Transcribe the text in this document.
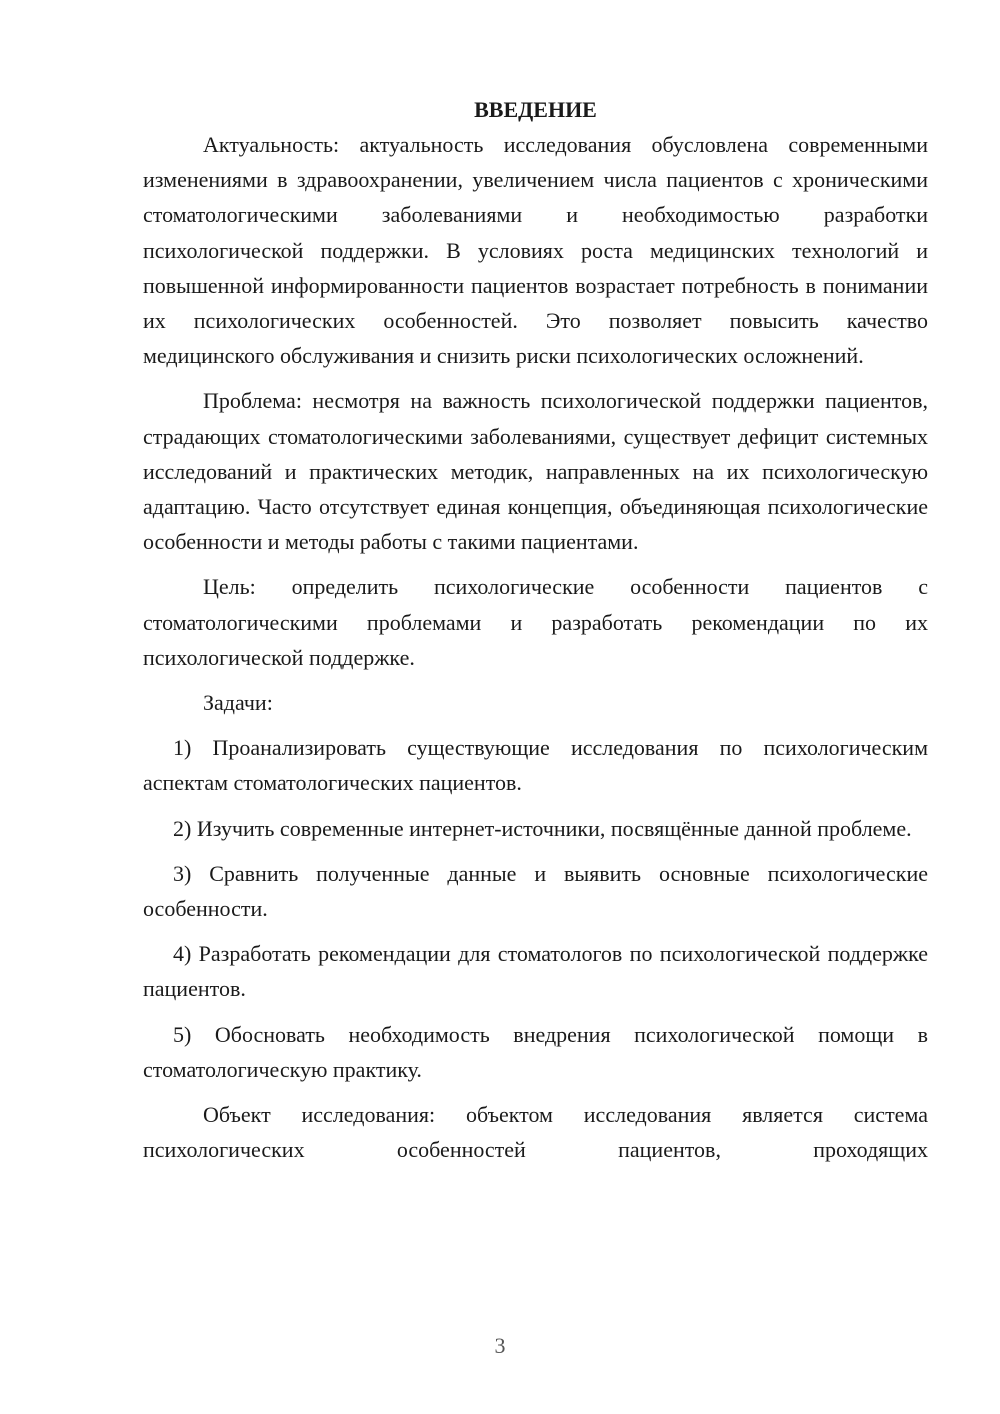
ВВЕДЕНИЕ

Актуальность: актуальность исследования обусловлена современными изменениями в здравоохранении, увеличением числа пациентов с хроническими стоматологическими заболеваниями и необходимостью разработки психологической поддержки. В условиях роста медицинских технологий и повышенной информированности пациентов возрастает потребность в понимании их психологических особенностей. Это позволяет повысить качество медицинского обслуживания и снизить риски психологических осложнений.

Проблема: несмотря на важность психологической поддержки пациентов, страдающих стоматологическими заболеваниями, существует дефицит системных исследований и практических методик, направленных на их психологическую адаптацию. Часто отсутствует единая концепция, объединяющая психологические особенности и методы работы с такими пациентами.

Цель: определить психологические особенности пациентов с стоматологическими проблемами и разработать рекомендации по их психологической поддержке.

Задачи:

1) Проанализировать существующие исследования по психологическим аспектам стоматологических пациентов.

2) Изучить современные интернет-источники, посвящённые данной проблеме.

3) Сравнить полученные данные и выявить основные психологические особенности.

4) Разработать рекомендации для стоматологов по психологической поддержке пациентов.

5) Обосновать необходимость внедрения психологической помощи в стоматологическую практику.

Объект исследования: объектом исследования является система психологических особенностей пациентов, проходящих

3
